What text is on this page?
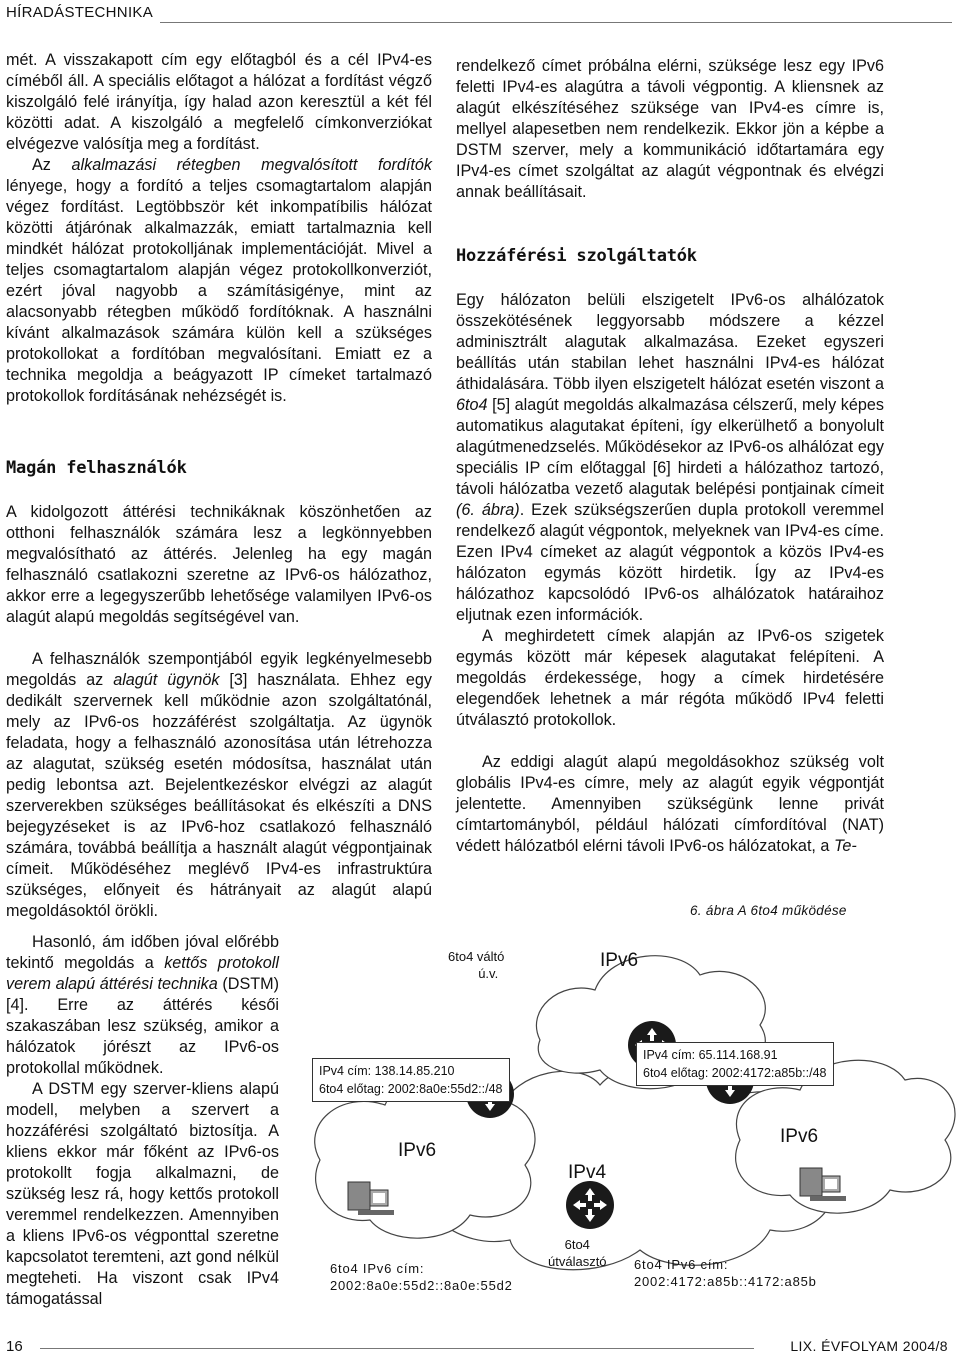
HÍRADÁSTECHNIKA

mét. A visszakapott cím egy előtagból és a cél IPv4-es címéből áll. A speciális előtagot a hálózat a fordítást végző kiszolgáló felé irányítja, így halad azon keresztül a két fél közötti adat. A kiszolgáló a megfelelő címkonverziókat elvégezve valósítja meg a fordítást.

Az alkalmazási rétegben megvalósított fordítók lényege, hogy a fordító a teljes csomagtartalom alapján végez fordítást. Legtöbbször két inkompatíbilis hálózat közötti átjárónak alkalmazzák, emiatt tartalmaznia kell mindkét hálózat protokolljának implementációját. Mivel a teljes csomagtartalom alapján végez protokollkonverziót, ezért jóval nagyobb a számításigénye, mint az alacsonyabb rétegben működő fordítóknak. A használni kívánt alkalmazások számára külön kell a szükséges protokollokat a fordítóban megvalósítani. Emiatt ez a technika megoldja a beágyazott IP címeket tartalmazó protokollok fordításának nehézségét is.

Magán felhasználók

A kidolgozott áttérési technikáknak köszönhetően az otthoni felhasználók számára lesz a legkönnyebben megvalósítható az áttérés. Jelenleg ha egy magán felhasználó csatlakozni szeretne az IPv6-os hálózathoz, akkor erre a legegyszerűbb lehetősége valamilyen IPv6-os alagút alapú megoldás segítségével van.

A felhasználók szempontjából egyik legkényelmesebb megoldás az alagút ügynök [3] használata. Ehhez egy dedikált szervernek kell működnie azon szolgáltatónál, mely az IPv6-os hozzáférést szolgáltatja. Az ügynök feladata, hogy a felhasználó azonosítása után létrehozza az alagutat, szükség esetén módosítsa, használat után pedig lebontsa azt. Bejelentkezéskor elvégzi az alagút szerverekben szükséges beállításokat és elkészíti a DNS bejegyzéseket is az IPv6-hoz csatlakozó felhasználó számára, továbbá beállítja a használt alagút végpontjainak címeit. Működéséhez meglévő IPv4-es infrastruktúra szükséges, előnyeit és hátrányait az alagút alapú megoldásoktól örökli.

Hasonló, ám időben jóval előrébb tekintő megoldás a kettős protokoll verem alapú áttérési technika (DSTM) [4]. Erre az áttérés késői szakaszában lesz szükség, amikor a hálózatok jórészt az IPv6-os protokollal működnek.

A DSTM egy szerver-kliens alapú modell, melyben a szervert a hozzáférési szolgáltató biztosítja. A kliens ekkor már főként az IPv6-os protokollt fogja alkalmazni, de szükség lesz rá, hogy kettős protokoll veremmel rendelkezzen. Amennyiben a kliens IPv6-os végponttal szeretne kapcsolatot teremteni, azt gond nélkül megteheti. Ha viszont csak IPv4 támogatással

rendelkező címet próbálna elérni, szüksége lesz egy IPv6 feletti IPv4-es alagútra a távoli végpontig. A kliensnek az alagút elkészítéséhez szüksége van IPv4-es címre is, mellyel alapesetben nem rendelkezik. Ekkor jön a képbe a DSTM szerver, mely a kommunikáció időtartamára egy IPv4-es címet szolgáltat az alagút végpontnak és elvégzi annak beállításait.

Hozzáférési szolgáltatók

Egy hálózaton belüli elszigetelt IPv6-os alhálózatok összekötésének leggyorsabb módszere a kézzel adminisztrált alagutak alkalmazása. Ezeket egyszeri beállítás után stabilan lehet használni IPv4-es hálózat áthidalására. Több ilyen elszigetelt hálózat esetén viszont a 6to4 [5] alagút megoldás alkalmazása célszerű, mely képes automatikus alagutakat építeni, így elkerülhető a bonyolult alagútmenedzselés. Működésekor az IPv6-os alhálózat egy speciális IP cím előtaggal [6] hirdeti a hálózathoz tartozó, távoli hálózatba vezető alagutak belépési pontjainak címeit (6. ábra). Ezek szükségszerűen dupla protokoll veremmel rendelkező alagút végpontok, melyeknek van IPv4-es címe. Ezen IPv4 címeket az alagút végpontok a közös IPv4-es hálózaton egymás között hirdetik. Így az IPv4-es hálózathoz kapcsolódó IPv6-os alhálózatok határaihoz eljutnak ezen információk.

A meghirdetett címek alapján az IPv6-os szigetek egymás között már képesek alagutakat felépíteni. A megoldás érdekessége, hogy a címek hirdetésére elegendőek lehetnek a már régóta működő IPv4 feletti útválasztó protokollok.

Az eddigi alagút alapú megoldásokhoz szükség volt globális IPv4-es címre, mely az alagút egyik végpontját jelentette. Amennyiben szükségünk lenne privát címtartományból, például hálózati címfordítóval (NAT) védett hálózatból elérni távoli IPv6-os hálózatokat, a Te-

6. ábra A 6to4 működése
6to4 váltó
ú.v.
IPv6
IPv6
IPv4
IPv6
IPv4 cím: 138.14.85.210
6to4 előtag: 2002:8a0e:55d2::/48
IPv4 cím: 65.114.168.91
6to4 előtag: 2002:4172:a85b::/48
6to4
útválasztó
6to4 IPv6 cím:
2002:8a0e:55d2::8a0e:55d2
6to4 IPv6 cím:
2002:4172:a85b::4172:a85b
16	LIX. ÉVFOLYAM 2004/8
